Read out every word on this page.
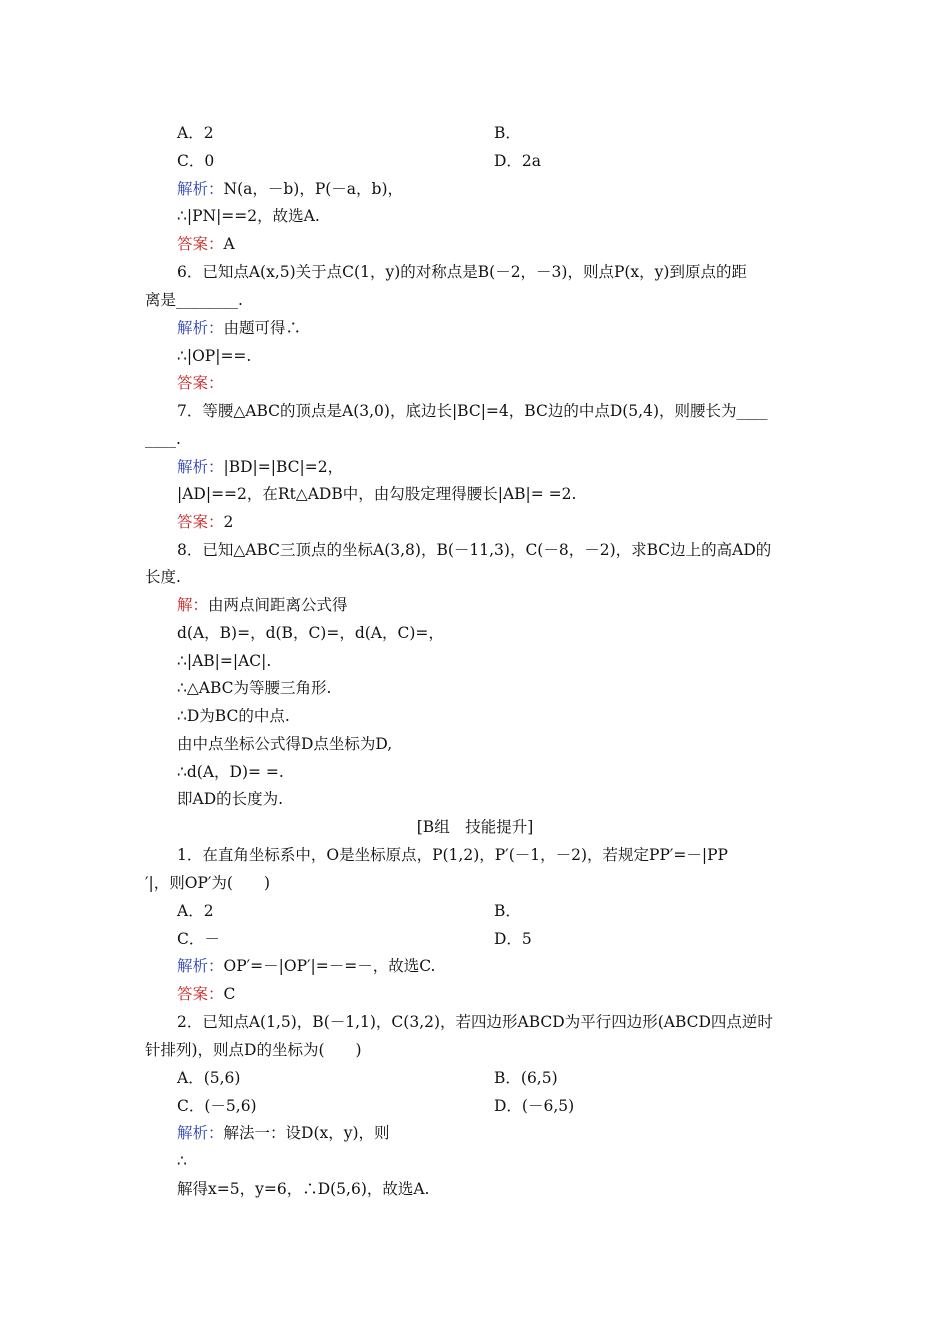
A．2	B．
C．0	D．2a
解析：N(a，－b)，P(－a，b)，
∴|PN|==2，故选A.
答案：A
6．已知点A(x,5)关于点C(1，y)的对称点是B(－2，－3)，则点P(x，y)到原点的距
离是________.
解析：由题可得∴
∴|OP|==.
答案：
7．等腰△ABC的顶点是A(3,0)，底边长|BC|=4，BC边的中点D(5,4)，则腰长为____
____.
解析：|BD|=|BC|=2，
|AD|==2，在Rt△ADB中，由勾股定理得腰长|AB|= =2.
答案：2
8．已知△ABC三顶点的坐标A(3,8)，B(－11,3)，C(－8，－2)，求BC边上的高AD的
长度.
解：由两点间距离公式得
d(A，B)=，d(B，C)=，d(A，C)=，
∴|AB|=|AC|.
∴△ABC为等腰三角形.
∴D为BC的中点.
由中点坐标公式得D点坐标为D,
∴d(A，D)= =.
即AD的长度为.
[B组　技能提升]
1．在直角坐标系中，O是坐标原点，P(1,2)，P′(－1，－2)，若规定PP′=－|PP
′|，则OP′为(　　)
A．2	B．
C．－	D．5
解析：OP′=－|OP′|=－=－，故选C.
答案：C
2．已知点A(1,5)，B(－1,1)，C(3,2)，若四边形ABCD为平行四边形(ABCD四点逆时
针排列)，则点D的坐标为(　　)
A．(5,6)	B．(6,5)
C．(－5,6)	D．(－6,5)
解析：解法一：设D(x，y)，则
∴
解得x=5，y=6，∴D(5,6)，故选A.
